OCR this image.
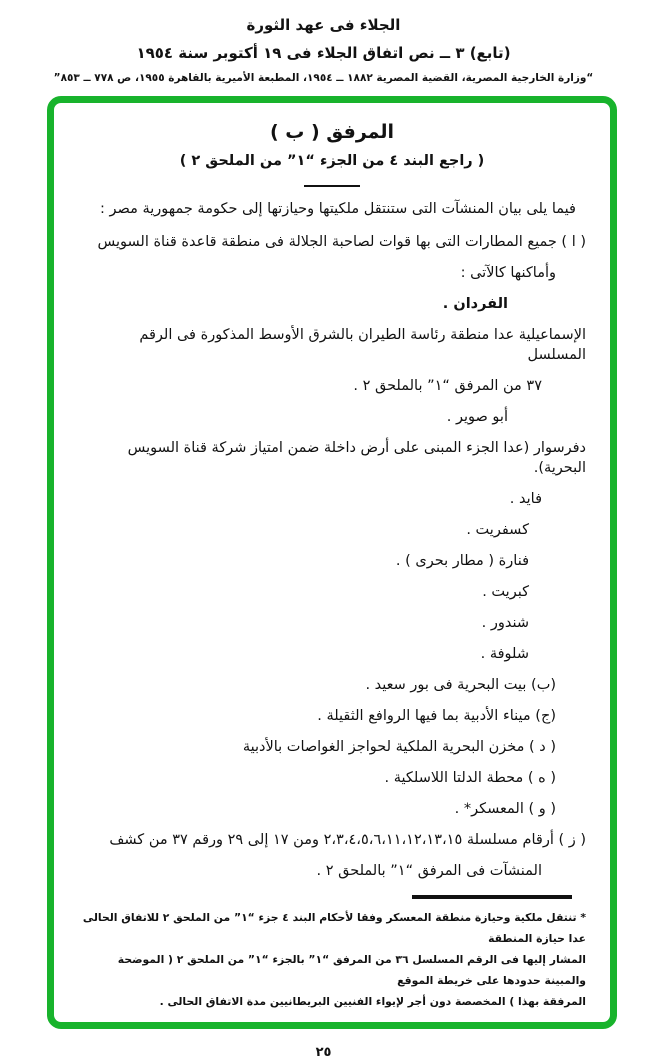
الجلاء فى عهد الثورة
(تابع) ٣ ــ نص اتفاق الجلاء فى ١٩ أكتوبر سنة ١٩٥٤
“وزارة الخارجية المصرية، القضية المصرية ١٨٨٢ ــ ١٩٥٤، المطبعة الأميرية بالقاهرة ١٩٥٥، ص ٧٧٨ ــ ٨٥٣”
المرفق ( ب )
( راجع البند ٤ من الجزء “١” من الملحق ٢ )
فيما يلى بيان المنشآت التى ستنتقل ملكيتها وحيازتها إلى حكومة جمهورية مصر :
( ا ) جميع المطارات التى بها قوات لصاحبة الجلالة فى منطقة قاعدة قناة السويس
وأماكنها كالآتى :
الفردان .
الإسماعيلية عدا منطقة رئاسة الطيران بالشرق الأوسط المذكورة فى الرقم المسلسل
٣٧ من المرفق “١” بالملحق ٢ .
أبو صوير .
دفرسوار (عدا الجزء المبنى على أرض داخلة ضمن امتياز شركة قناة السويس البحرية).
فايد .
كسفريت .
فنارة ( مطار بحرى ) .
كبريت .
شندور .
شلوفة .
(ب) بيت البحرية فى بور سعيد .
(ج) ميناء الأدبية بما فيها الروافع الثقيلة .
( د ) مخزن البحرية الملكية لحواجز الغواصات بالأدبية
( ه ) محطة الدلتا اللاسلكية .
( و ) المعسكر* .
( ز ) أرقام مسلسلة ٢،٣،٤،٥،٦،١١،١٢،١٣،١٥ ومن ١٧ إلى ٢٩ ورقم ٣٧ من كشف
المنشآت فى المرفق “١” بالملحق ٢ .
* تنتقل ملكية وحيازة منطقة المعسكر وفقا لأحكام البند ٤ جزء “١” من الملحق ٢ للاتفاق الحالى عدا حيازة المنطقة
المشار إليها فى الرقم المسلسل ٣٦ من المرفق “١” بالجزء “١” من الملحق ٢ ( الموضحة والمبينة حدودها على خريطة الموقع
المرفقة بهذا ) المخصصة دون أجر لإيواء الفنيين البريطانيين مدة الاتفاق الحالى .
٢٥
